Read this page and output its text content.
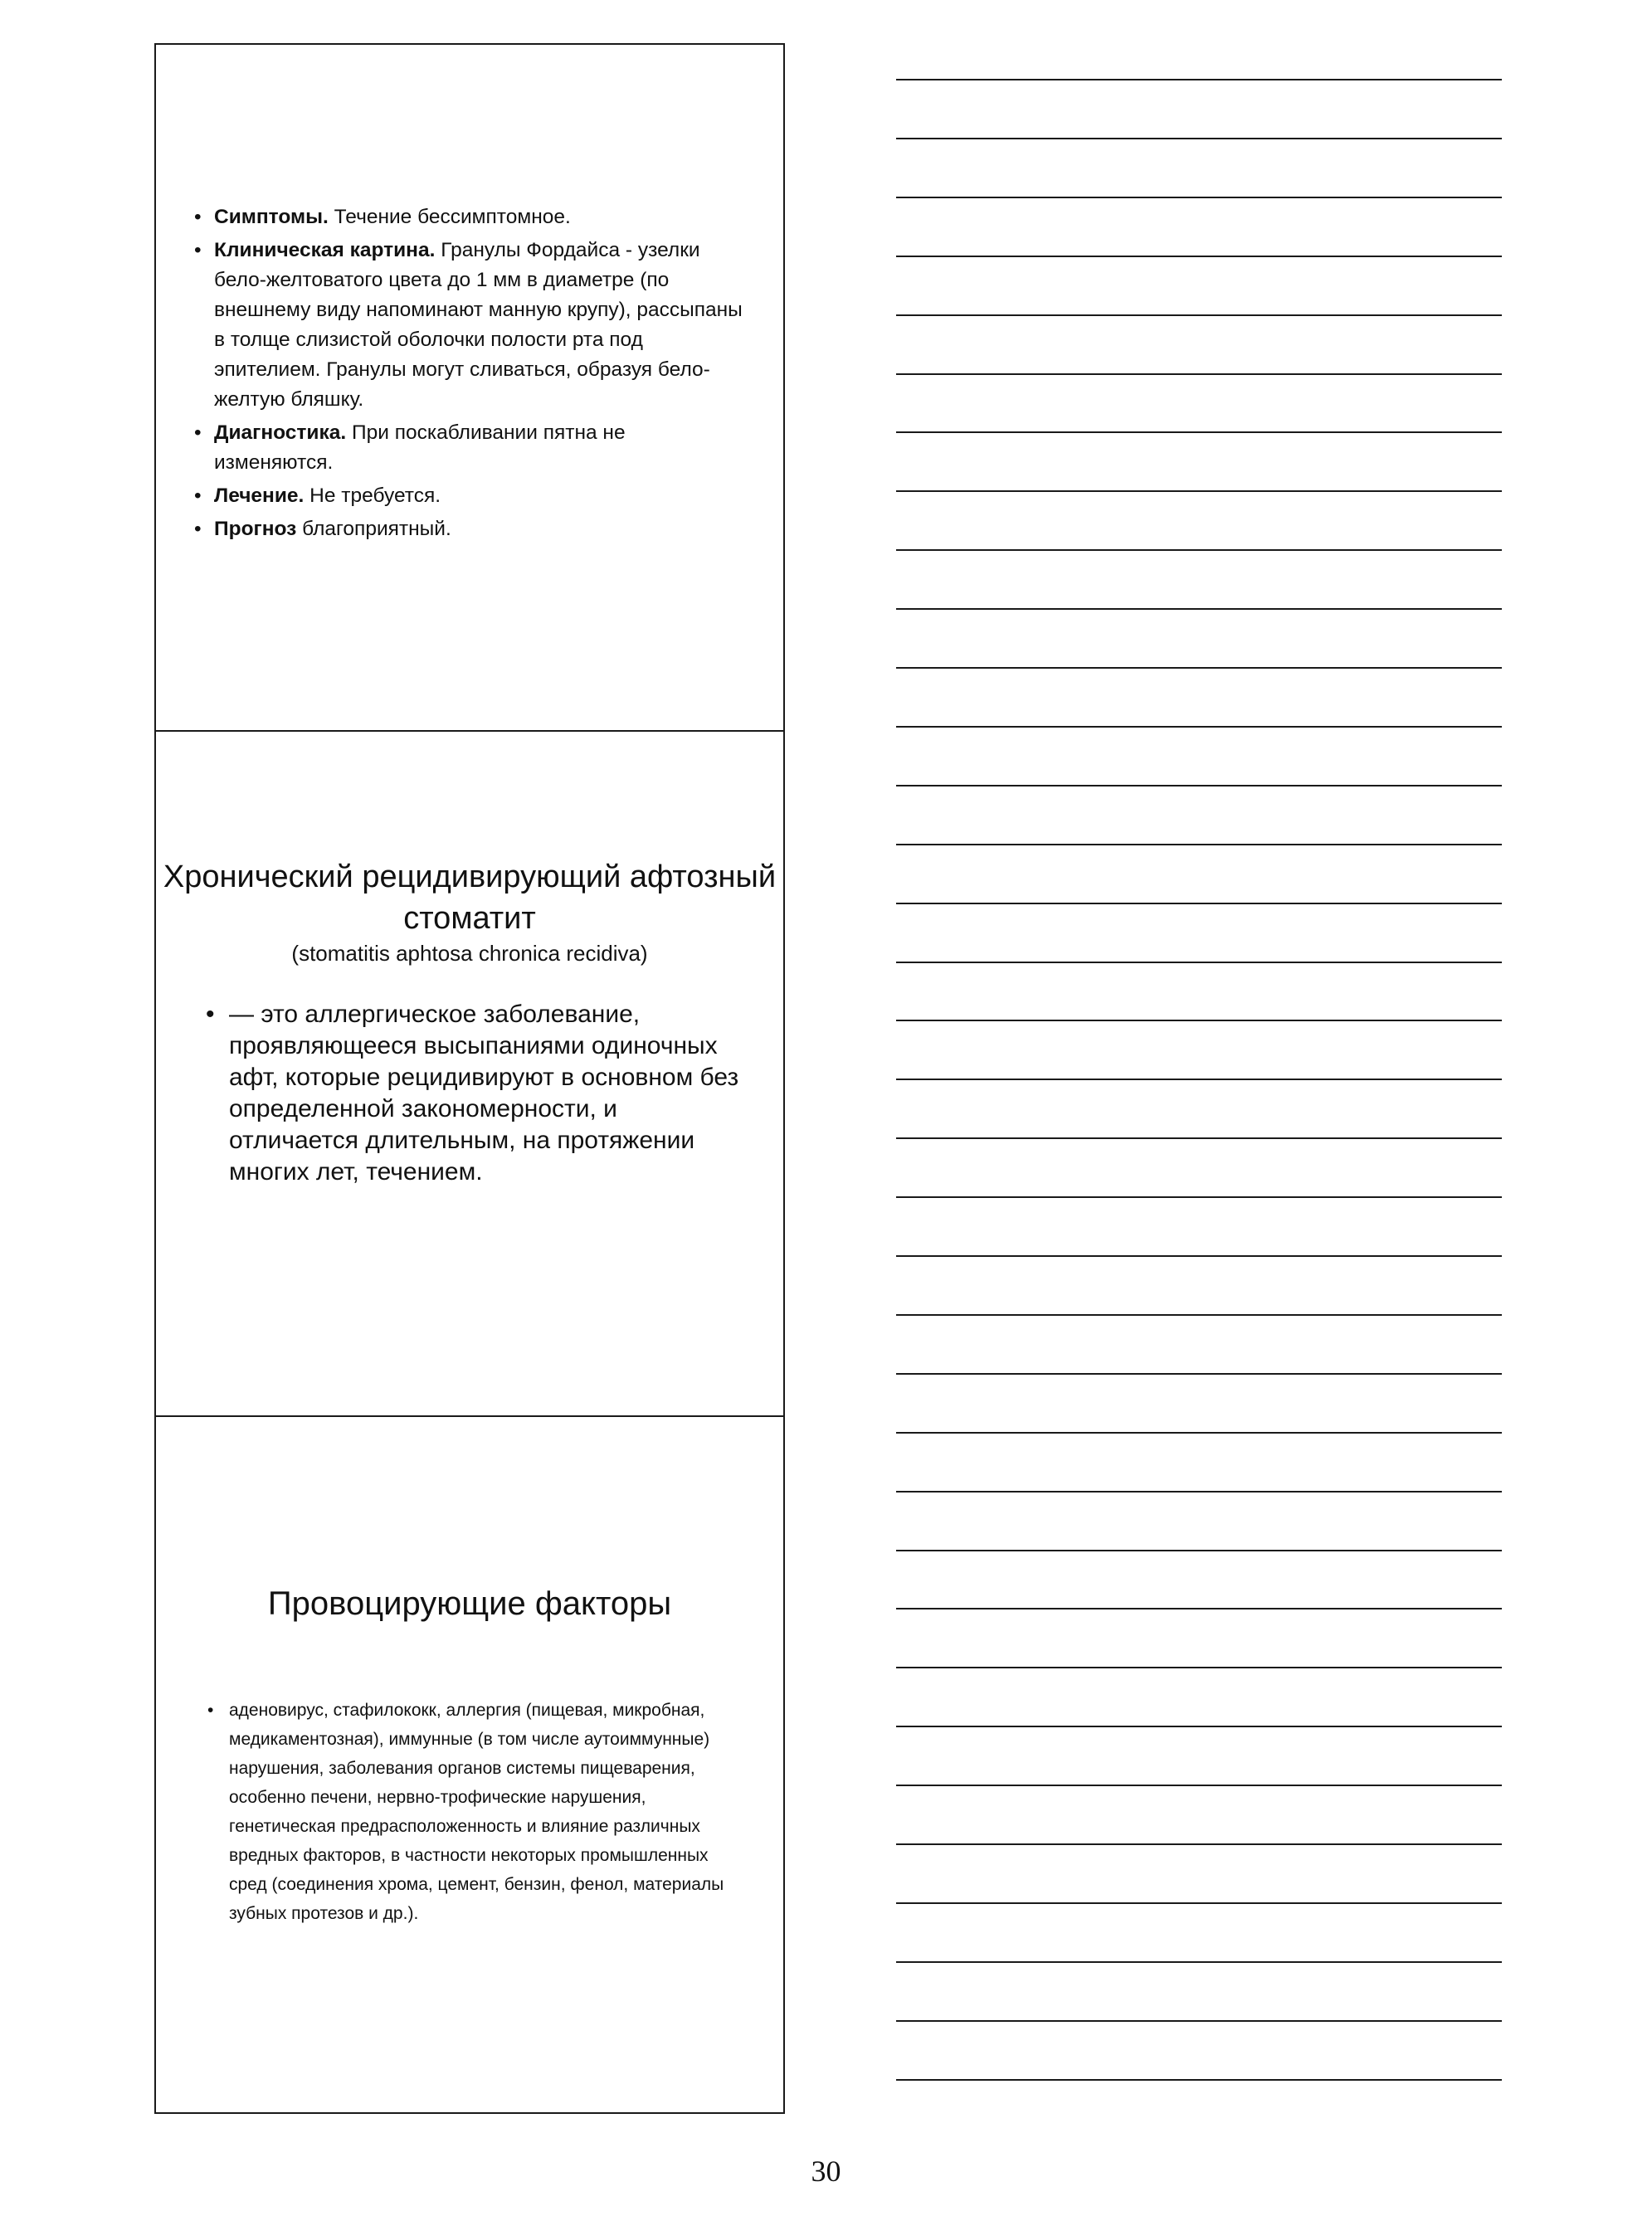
• Симптомы. Течение бессимптомное.
• Клиническая картина. Гранулы Фордайса - узелки бело-желтоватого цвета до 1 мм в диаметре (по внешнему виду напоминают манную крупу), рассыпаны в толще слизистой оболочки полости рта под эпителием. Гранулы могут сливаться, образуя бело-желтую бляшку.
• Диагностика. При поскабливании пятна не изменяются.
• Лечение. Не требуется.
• Прогноз благоприятный.
Хронический рецидивирующий афтозный стоматит
(stomatitis aphtosa chronica recidiva)
• — это аллергическое заболевание, проявляющееся высыпаниями одиночных афт, которые рецидивируют в основном без определенной закономерности, и отличается длительным, на протяжении многих лет, течением.
Провоцирующие факторы
• аденовирус, стафилококк, аллергия (пищевая, микробная, медикаментозная), иммунные (в том числе аутоиммунные) нарушения, заболевания органов системы пищеварения, особенно печени, нервно-трофические нарушения, генетическая предрасположенность и влияние различных вредных факторов, в частности некоторых промышленных сред (соединения хрома, цемент, бензин, фенол, материалы зубных протезов и др.).
30
